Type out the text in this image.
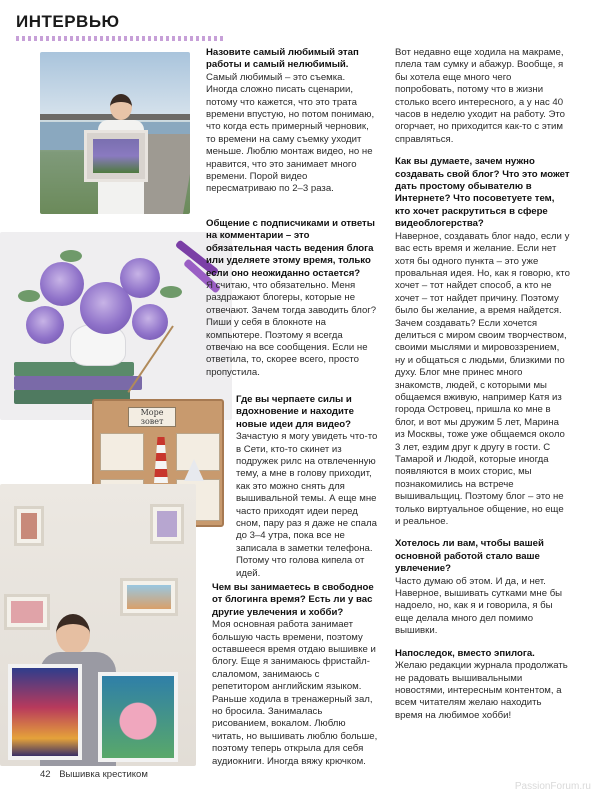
ИНТЕРВЬЮ
Море зовет

Назовите самый любимый этап работы и самый нелюбимый.

Самый любимый – это съемка. Иногда сложно писать сценарии, потому что кажется, что это трата времени впустую, но потом понимаю, что когда есть примерный черновик, то времени на саму съемку уходит меньше. Люблю монтаж видео, но не нравится, что это занимает много времени. Порой видео пересматриваю по 2–3 раза.

Общение с подписчиками и ответы на комментарии – это обязательная часть ведения блога или уделяете этому время, только если оно неожиданно остается?

Я считаю, что обязательно. Меня раздражают блогеры, которые не отвечают. Зачем тогда заводить блог? Пиши у себя в блокноте на компьютере. Поэтому я всегда отвечаю на все сообщения. Если не ответила, то, скорее всего, просто пропустила.

Где вы черпаете силы и вдохновение и находите новые идеи для видео?

Зачастую я могу увидеть что-то в Сети, кто-то скинет из подружек рилс на отвлеченную тему, а мне в голову приходит, как это можно снять для вышивальной темы. А еще мне часто приходят идеи перед сном, пару раз я даже не спала до 3–4 утра, пока все не записала в заметки телефона. Потому что голова кипела от идей.

Чем вы занимаетесь в свободное от блогинга время? Есть ли у вас другие увлечения и хобби?

Моя основная работа занимает большую часть времени, поэтому оставшееся время отдаю вышивке и блогу. Еще я занимаюсь фристайл-слаломом, занимаюсь с репетитором английским языком. Раньше ходила в тренажерный зал, но бросила. Занималась рисованием, вокалом. Люблю читать, но вышивать люблю больше, поэтому теперь открыла для себя аудиокниги. Иногда вяжу крючком.

Вот недавно еще ходила на макраме, плела там сумку и абажур. Вообще, я бы хотела еще много чего попробовать, потому что в жизни столько всего интересного, а у нас 40 часов в неделю уходит на работу. Это огорчает, но приходится как-то с этим справляться.

Как вы думаете, зачем нужно создавать свой блог? Что это может дать простому обывателю в Интернете? Что посоветуете тем, кто хочет раскрутиться в сфере видеоблогерства?

Наверное, создавать блог надо, если у вас есть время и желание. Если нет хотя бы одного пункта – это уже провальная идея. Но, как я говорю, кто хочет – тот найдет способ, а кто не хочет – тот найдет причину. Поэтому было бы желание, а время найдется.

Зачем создавать? Если хочется делиться с миром своим творчеством, своими мыслями и мировоззрением, ну и общаться с людьми, близкими по духу. Блог мне принес много знакомств, людей, с которыми мы общаемся вживую, например Катя из города Островец, пришла ко мне в блог, и вот мы дружим 5 лет, Марина из Москвы, тоже уже общаемся около 3 лет, ездим друг к другу в гости. С Тамарой и Людой, которые иногда появляются в моих сторис, мы познакомились на встрече вышивальщиц. Поэтому блог – это не только виртуальное общение, но еще и реальное.

Хотелось ли вам, чтобы вашей основной работой стало ваше увлечение?

Часто думаю об этом. И да, и нет. Наверное, вышивать сутками мне бы надоело, но, как я и говорила, я бы еще делала много дел помимо вышивки.

Напоследок, вместо эпилога.

Желаю редакции журнала продолжать не радовать вышивальными новостями, интересным контентом, а всем читателям желаю находить время на любимое хобби!

42 Вышивка крестиком
PassionForum.ru
